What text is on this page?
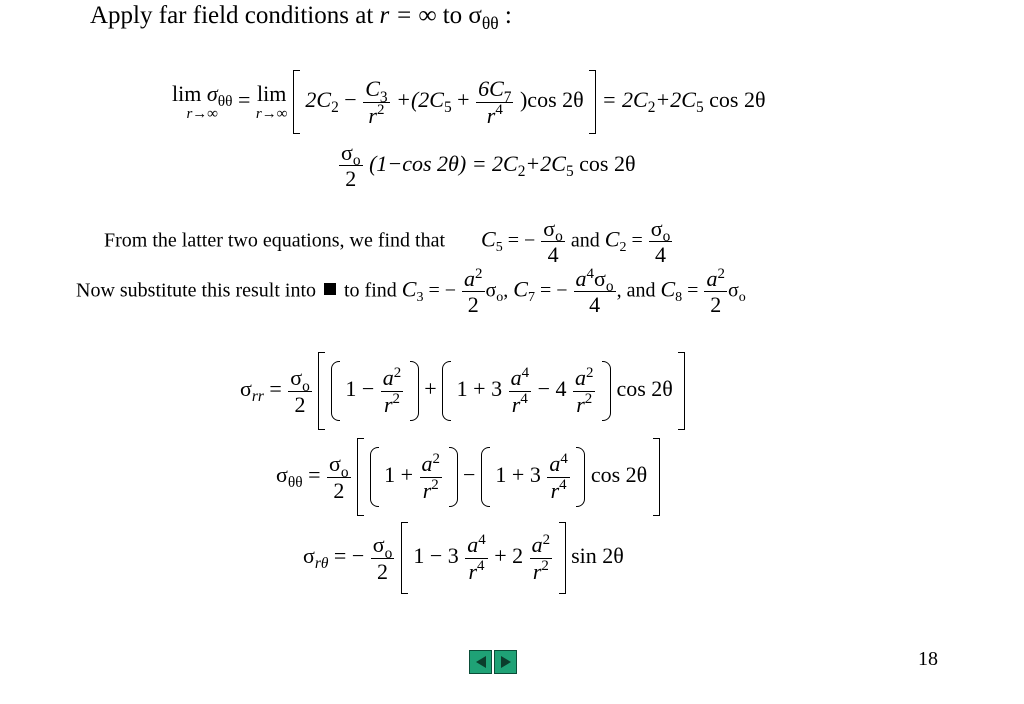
Apply far field conditions at r = ∞ to $\sigma_{\theta\theta}$ :
$\lim \sigma_{\theta\theta}$
r→∞
= lim
r→∞
$2C_2 - \frac{C_3}{r^2} +(2C_5 + \frac{6C_7}{r^4} )\cos$ $2\theta = 2C_2+2C_5$ cos 2θ
$\frac{\sigma_o}{2} (1-\cos$ $2\theta) = 2C_2+2C_5$ cos 2θ
From the latter two equations, we find that $C_5$ = − $\frac{\sigma_o}{4}$ and $C_2 = \frac{\sigma_o}{4}$
Now substitute this result into to find $C_3$ = − $\frac{a^2}{2} \sigma_o$, $C_7$ = − $\frac{a^4\sigma_o}{4}$ , and $C_8 = \frac{a^2}{2} \sigma_o$
$\sigma_{rr} = \frac{\sigma_o}{2} 1 - \frac{a^2}{r^2} + 1 + 3 \frac{a^4}{r^4} - 4 \frac{a^2}{r^2}$ cos 2θ
$\sigma_{\theta\theta} = \frac{\sigma_o}{2} 1 + \frac{a^2}{r^2} - 1 + 3 \frac{a^4}{r^4}$ cos 2θ
$\sigma_{r\theta}$ = − $\frac{\sigma_o}{2} 1 - 3 \frac{a^4}{r^4} + 2 \frac{a^2}{r^2}$ sin 2θ
18
